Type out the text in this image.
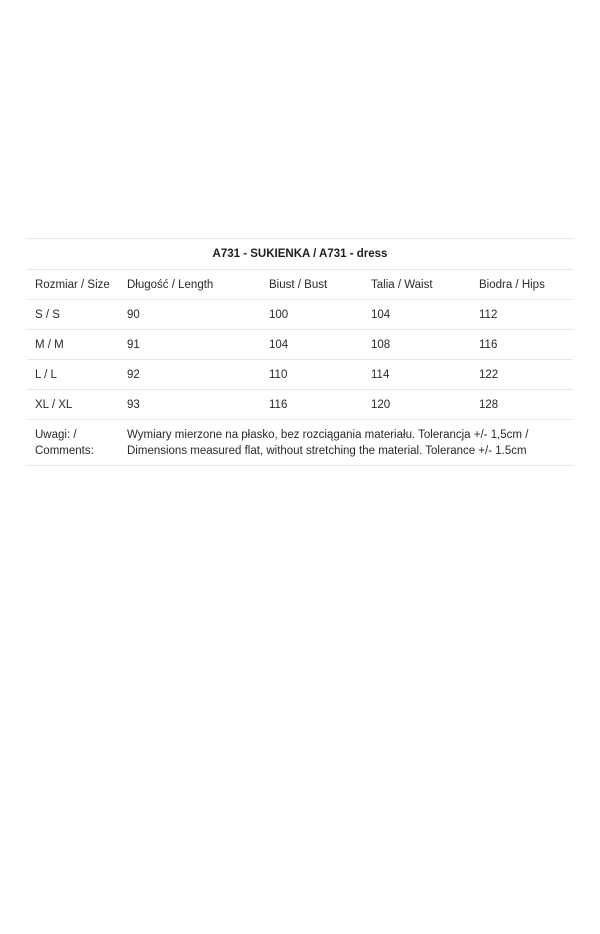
A731 - SUKIENKA / A731 - dress				
Rozmiar / Size	Długość / Length	Biust / Bust	Talia / Waist	Biodra / Hips
S / S	90	100	104	112
M / M	91	104	108	116
L / L	92	110	114	122
XL / XL	93	116	120	128
Uwagi: /
Comments:	Wymiary mierzone na płasko, bez rozciągania materiału. Tolerancja +/- 1,5cm /
Dimensions measured flat, without stretching the material. Tolerance +/- 1.5cm			
